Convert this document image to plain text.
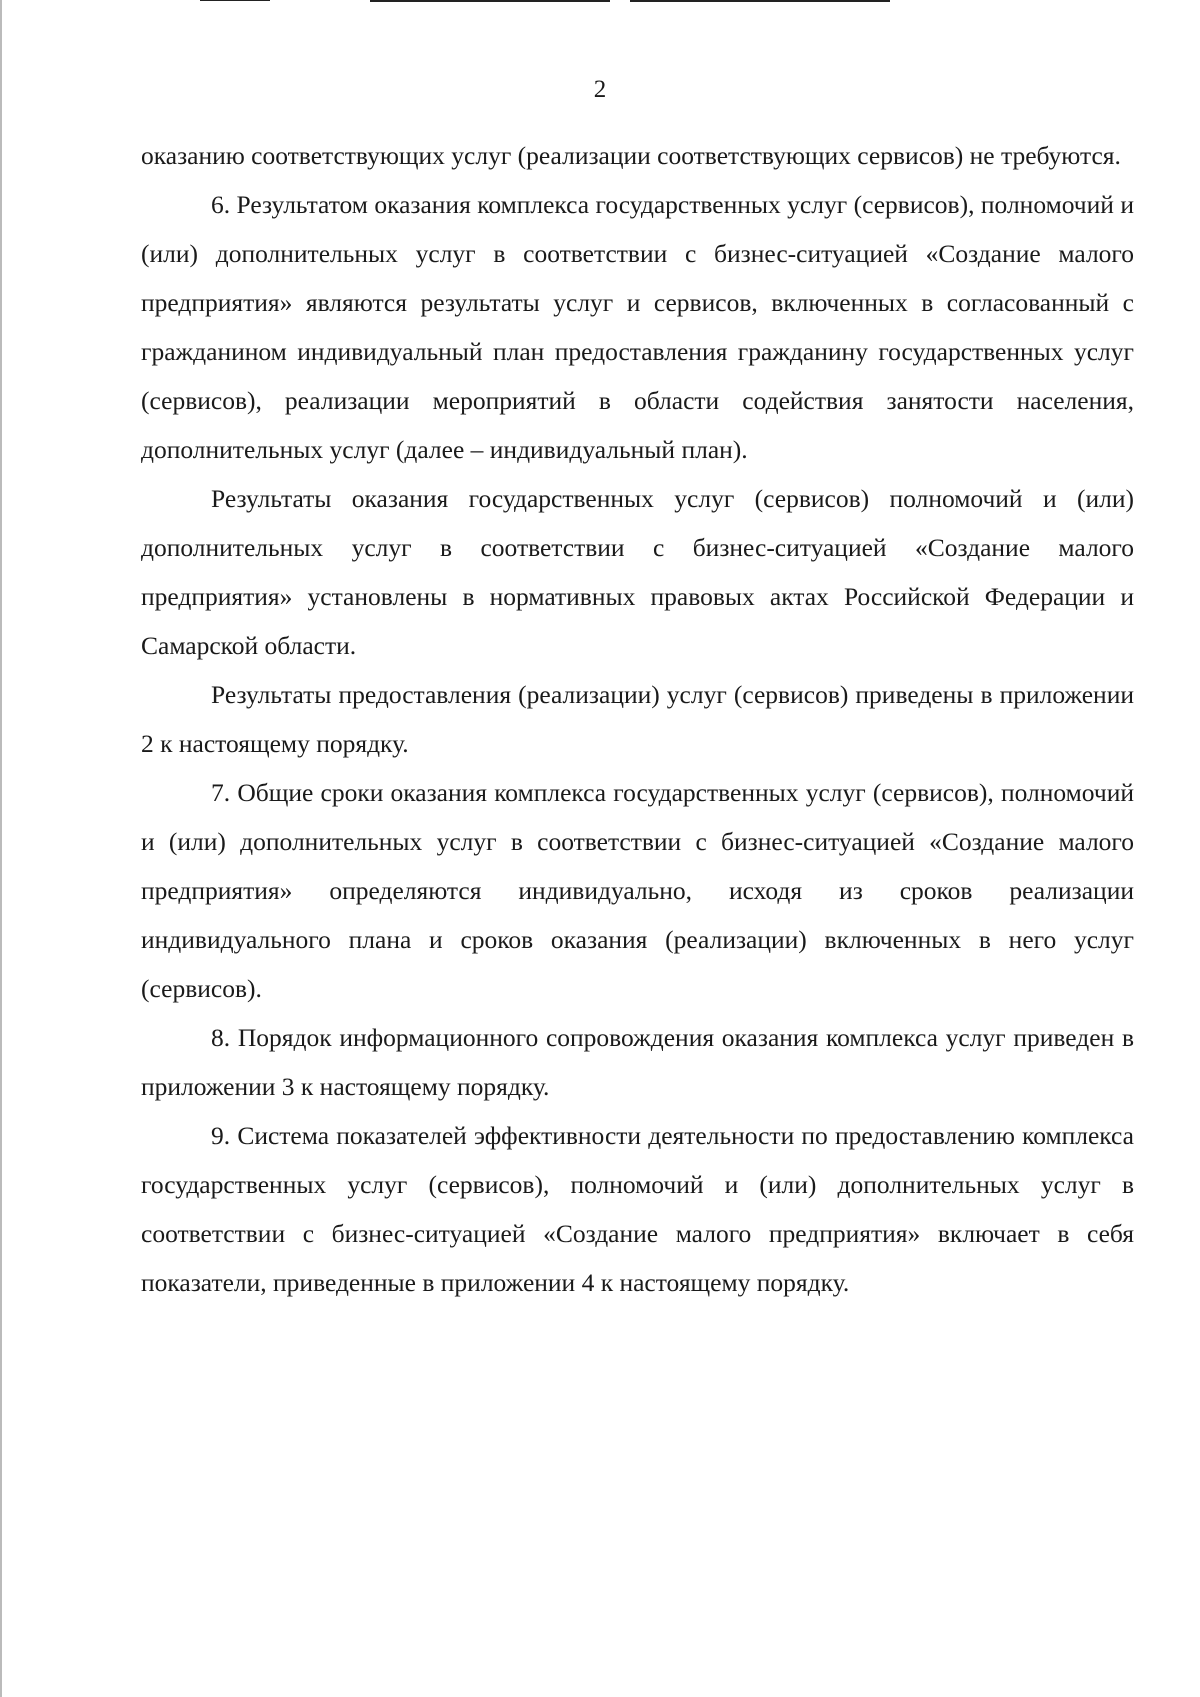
2

оказанию соответствующих услуг (реализации соответствующих сервисов) не требуются.

6. Результатом оказания комплекса государственных услуг (сервисов), полномочий и (или) дополнительных услуг в соответствии с бизнес-ситуацией «Создание малого предприятия» являются результаты услуг и сервисов, включенных в согласованный с гражданином индивидуальный план предоставления гражданину государственных услуг (сервисов), реализации мероприятий в области содействия занятости населения, дополнительных услуг (далее – индивидуальный план).

Результаты оказания государственных услуг (сервисов) полномочий и (или) дополнительных услуг в соответствии с бизнес-ситуацией «Создание малого предприятия» установлены в нормативных правовых актах Российской Федерации и Самарской области.

Результаты предоставления (реализации) услуг (сервисов) приведены в приложении 2 к настоящему порядку.

7. Общие сроки оказания комплекса государственных услуг (сервисов), полномочий и (или) дополнительных услуг в соответствии с бизнес-ситуацией «Создание малого предприятия» определяются индивидуально, исходя из сроков реализации индивидуального плана и сроков оказания (реализации) включенных в него услуг (сервисов).

8. Порядок информационного сопровождения оказания комплекса услуг приведен в приложении 3 к настоящему порядку.

9. Система показателей эффективности деятельности по предоставлению комплекса государственных услуг (сервисов), полномочий и (или) дополнительных услуг в соответствии с бизнес-ситуацией «Создание малого предприятия» включает в себя показатели, приведенные в приложении 4 к настоящему порядку.
